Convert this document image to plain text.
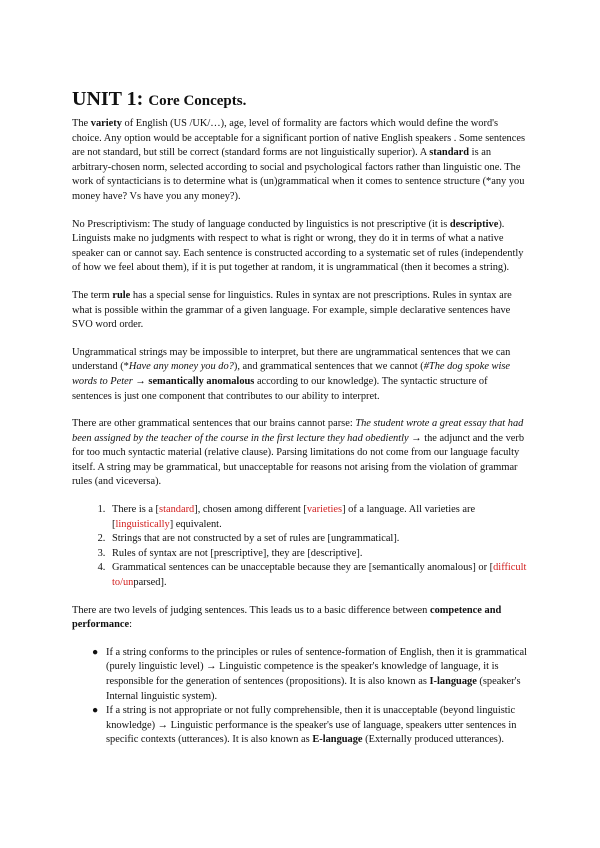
UNIT 1: Core Concepts.

The variety of English (US /UK/…), age, level of formality are factors which would define the word's choice. Any option would be acceptable for a significant portion of native English speakers . Some sentences are not standard, but still be correct (standard forms are not linguistically superior). A standard is an arbitrary-chosen norm, selected according to social and psychological factors rather than linguistic one. The work of syntacticians is to determine what is (un)grammatical when it comes to sentence structure (*any you money have? Vs have you any money?).

No Prescriptivism: The study of language conducted by linguistics is not prescriptive (it is descriptive). Linguists make no judgments with respect to what is right or wrong, they do it in terms of what a native speaker can or cannot say. Each sentence is constructed according to a systematic set of rules (independently of how we feel about them), if it is put together at random, it is ungrammatical (then it becomes a string).

The term rule has a special sense for linguistics. Rules in syntax are not prescriptions. Rules in syntax are what is possible within the grammar of a given language. For example, simple declarative sentences have SVO word order.

Ungrammatical strings may be impossible to interpret, but there are ungrammatical sentences that we can understand (*Have any money you do?), and grammatical sentences that we cannot (#The dog spoke wise words to Peter → semantically anomalous according to our knowledge). The syntactic structure of sentences is just one component that contributes to our ability to interpret.

There are other grammatical sentences that our brains cannot parse: The student wrote a great essay that had been assigned by the teacher of the course in the first lecture they had obediently → the adjunct and the verb for too much syntactic material (relative clause). Parsing limitations do not come from our language faculty itself. A string may be grammatical, but unacceptable for reasons not arising from the violation of grammar rules (and viceversa).

1. There is a [standard], chosen among different [varieties] of a language. All varieties are [linguistically] equivalent.
2. Strings that are not constructed by a set of rules are [ungrammatical].
3. Rules of syntax are not [prescriptive], they are [descriptive].
4. Grammatical sentences can be unacceptable because they are [semantically anomalous] or [difficult to/unparsed].

There are two levels of judging sentences. This leads us to a basic difference between competence and performance:

● If a string conforms to the principles or rules of sentence-formation of English, then it is grammatical (purely linguistic level) → Linguistic competence is the speaker's knowledge of language, it is responsible for the generation of sentences (propositions). It is also known as I-language (speaker's Internal linguistic system).
● If a string is not appropriate or not fully comprehensible, then it is unacceptable (beyond linguistic knowledge) → Linguistic performance is the speaker's use of language, speakers utter sentences in specific contexts (utterances). It is also known as E-language (Externally produced utterances).
